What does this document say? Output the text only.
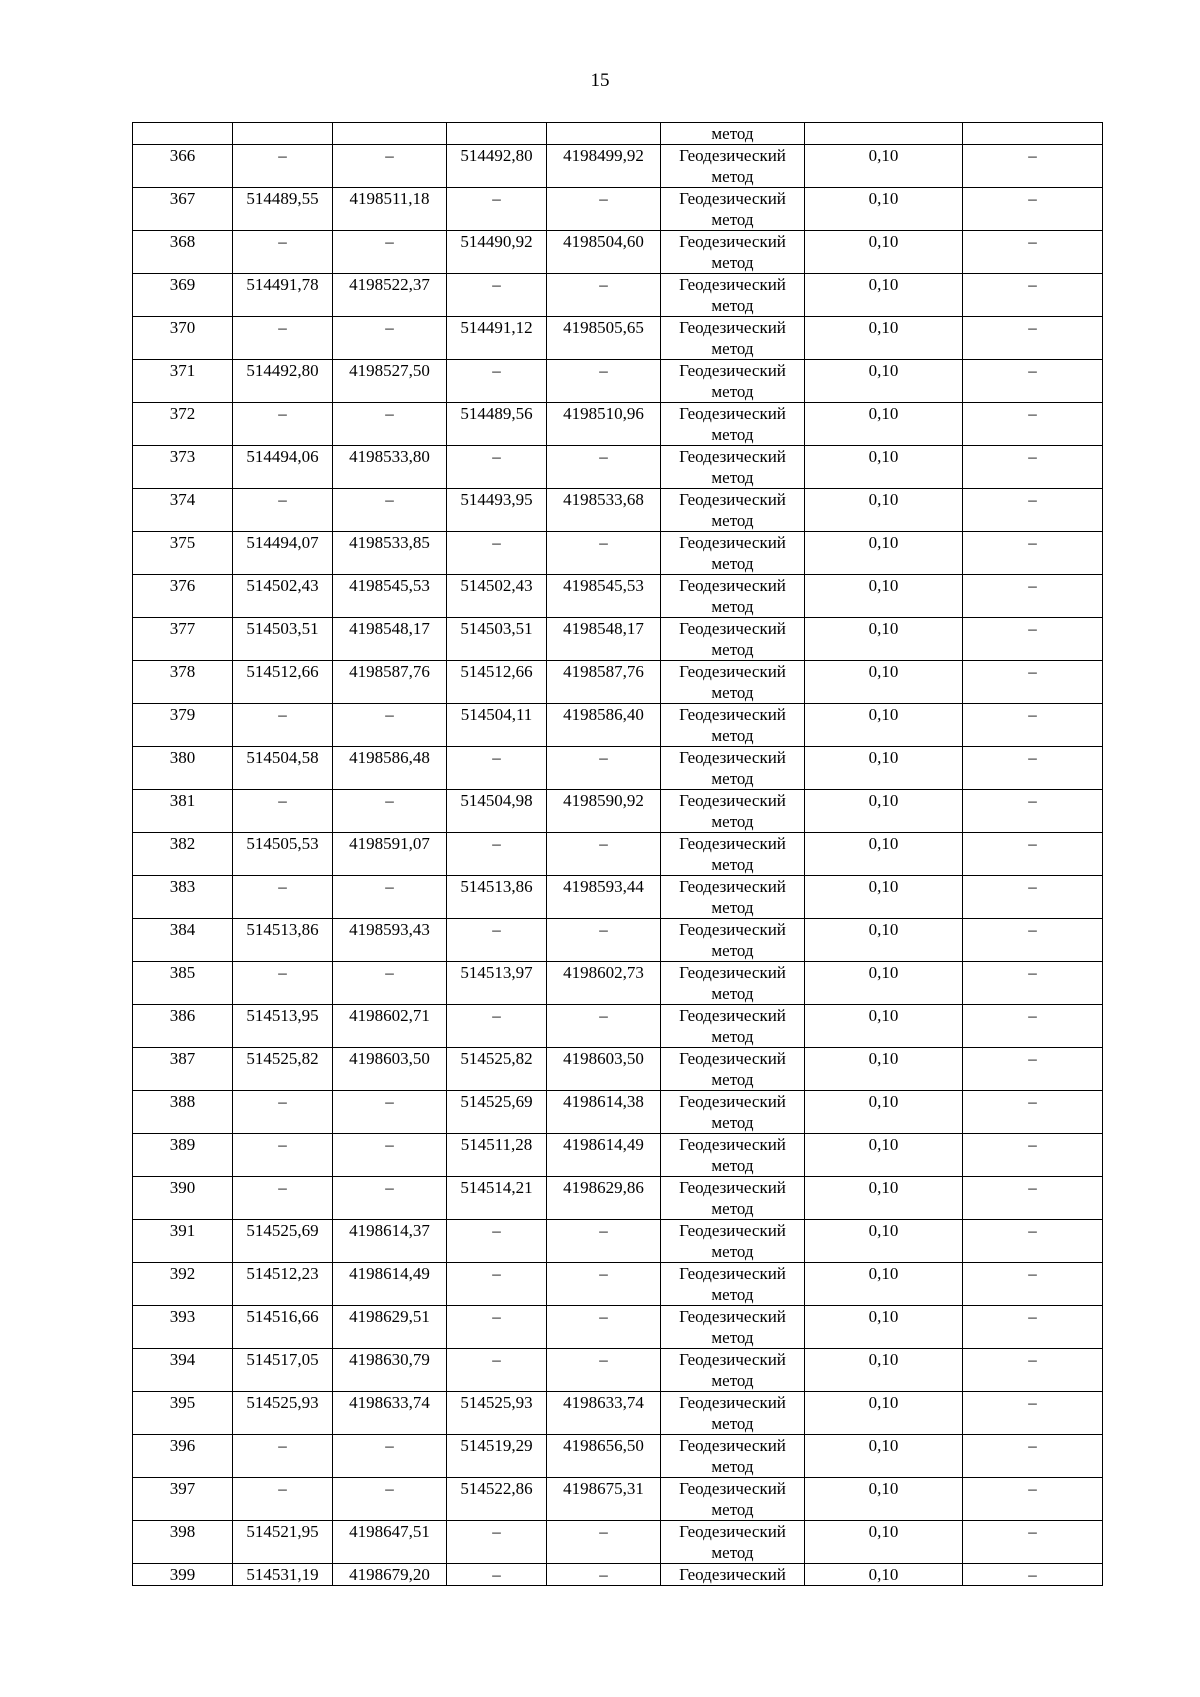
15
					метод		
366	–	–	514492,80	4198499,92	Геодезический
метод	0,10	–
367	514489,55	4198511,18	–	–	Геодезический
метод	0,10	–
368	–	–	514490,92	4198504,60	Геодезический
метод	0,10	–
369	514491,78	4198522,37	–	–	Геодезический
метод	0,10	–
370	–	–	514491,12	4198505,65	Геодезический
метод	0,10	–
371	514492,80	4198527,50	–	–	Геодезический
метод	0,10	–
372	–	–	514489,56	4198510,96	Геодезический
метод	0,10	–
373	514494,06	4198533,80	–	–	Геодезический
метод	0,10	–
374	–	–	514493,95	4198533,68	Геодезический
метод	0,10	–
375	514494,07	4198533,85	–	–	Геодезический
метод	0,10	–
376	514502,43	4198545,53	514502,43	4198545,53	Геодезический
метод	0,10	–
377	514503,51	4198548,17	514503,51	4198548,17	Геодезический
метод	0,10	–
378	514512,66	4198587,76	514512,66	4198587,76	Геодезический
метод	0,10	–
379	–	–	514504,11	4198586,40	Геодезический
метод	0,10	–
380	514504,58	4198586,48	–	–	Геодезический
метод	0,10	–
381	–	–	514504,98	4198590,92	Геодезический
метод	0,10	–
382	514505,53	4198591,07	–	–	Геодезический
метод	0,10	–
383	–	–	514513,86	4198593,44	Геодезический
метод	0,10	–
384	514513,86	4198593,43	–	–	Геодезический
метод	0,10	–
385	–	–	514513,97	4198602,73	Геодезический
метод	0,10	–
386	514513,95	4198602,71	–	–	Геодезический
метод	0,10	–
387	514525,82	4198603,50	514525,82	4198603,50	Геодезический
метод	0,10	–
388	–	–	514525,69	4198614,38	Геодезический
метод	0,10	–
389	–	–	514511,28	4198614,49	Геодезический
метод	0,10	–
390	–	–	514514,21	4198629,86	Геодезический
метод	0,10	–
391	514525,69	4198614,37	–	–	Геодезический
метод	0,10	–
392	514512,23	4198614,49	–	–	Геодезический
метод	0,10	–
393	514516,66	4198629,51	–	–	Геодезический
метод	0,10	–
394	514517,05	4198630,79	–	–	Геодезический
метод	0,10	–
395	514525,93	4198633,74	514525,93	4198633,74	Геодезический
метод	0,10	–
396	–	–	514519,29	4198656,50	Геодезический
метод	0,10	–
397	–	–	514522,86	4198675,31	Геодезический
метод	0,10	–
398	514521,95	4198647,51	–	–	Геодезический
метод	0,10	–
399	514531,19	4198679,20	–	–	Геодезический	0,10	–
